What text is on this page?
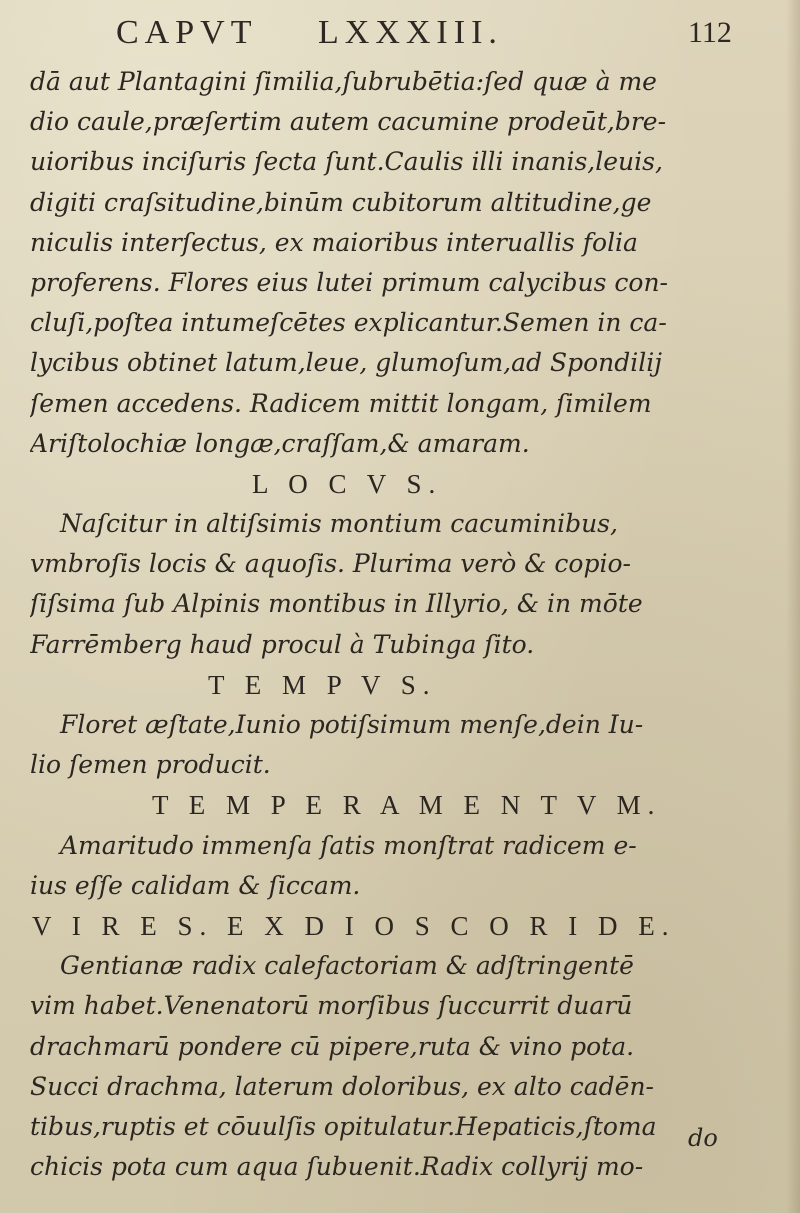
CAPVT LXXXIII.	112
dā aut Plantagini ſimilia,ſubrubētia:ſed quæ à me
dio caule,præſertim autem cacumine prodeūt,bre-
uioribus inciſuris ſecta ſunt.Caulis illi inanis,leuis,
digiti craſsitudine,binūm cubitorum altitudine,ge
niculis interſectus, ex maioribus interuallis folia
proferens. Flores eius lutei primum calycibus con-
cluſi,poſtea intumeſcētes explicantur.Semen in ca-
lycibus obtinet latum,leue, glumoſum,ad Spondilij
ſemen accedens. Radicem mittit longam, ſimilem
Ariſtolochiæ longæ,craſſam,& amaram.
L O C V S.
Naſcitur in altiſsimis montium cacuminibus,
vmbroſis locis & aquoſis. Plurima verò & copio-
ſiſsima ſub Alpinis montibus in Illyrio, & in mōte
Farrēmberg haud procul à Tubinga ſito.
T E M P V S.
Floret æſtate,Iunio potiſsimum menſe,dein Iu-
lio ſemen producit.
T E M P E R A M E N T V M.
Amaritudo immenſa ſatis monſtrat radicem e-
ius eſſe calidam & ſiccam.
V I R E S. E X D I O S C O R I D E.
Gentianæ radix calefactoriam & adſtringentē
vim habet.Venenatorū morſibus ſuccurrit duarū
drachmarū pondere cū pipere,ruta & vino pota.
Succi drachma, laterum doloribus, ex alto cadēn-
tibus,ruptis et cōuulſis opitulatur.Hepaticis,ſtoma
chicis pota cum aqua ſubuenit.Radix collyrij mo-
do
